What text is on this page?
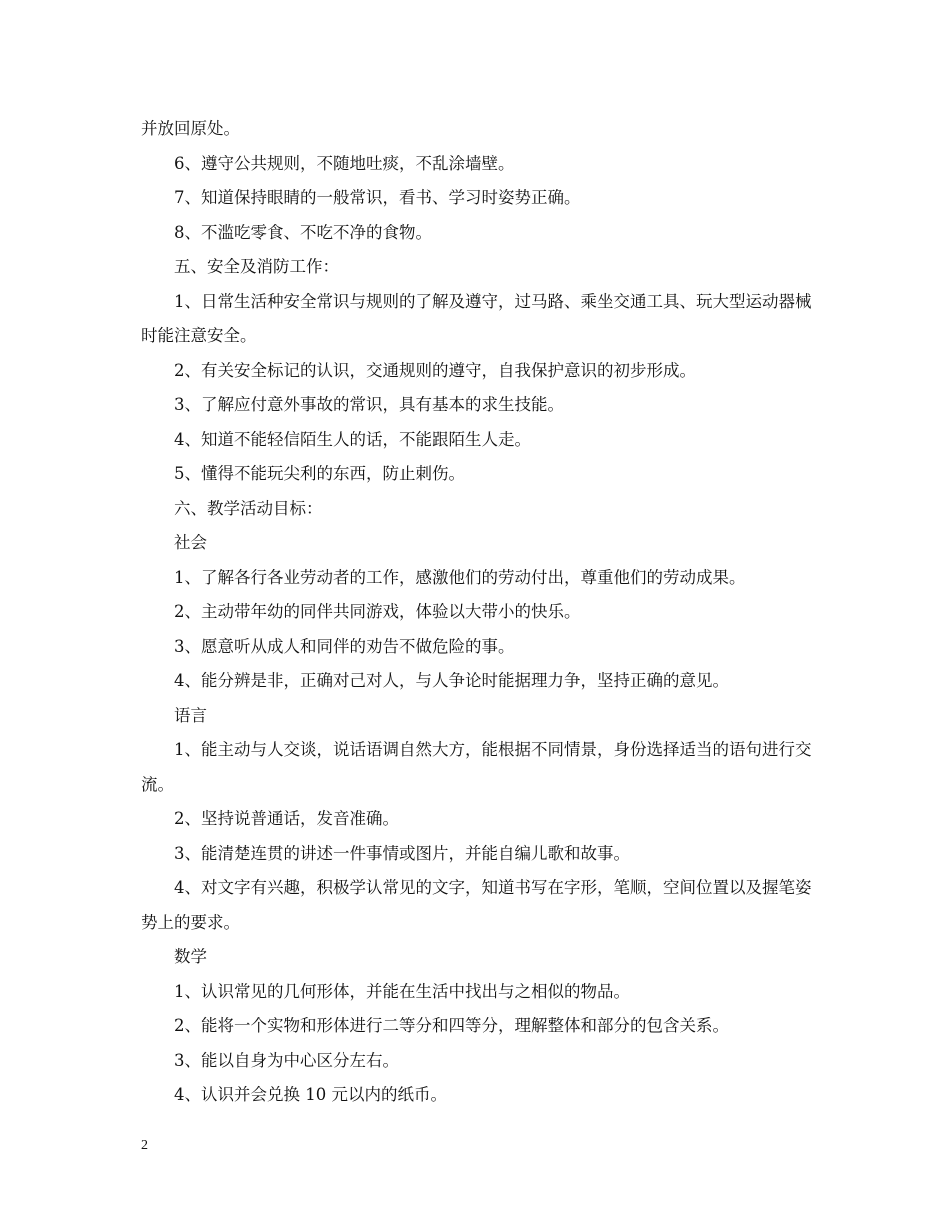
并放回原处。

6、遵守公共规则，不随地吐痰，不乱涂墙壁。

7、知道保持眼睛的一般常识，看书、学习时姿势正确。

8、不滥吃零食、不吃不净的食物。

五、安全及消防工作：

1、日常生活种安全常识与规则的了解及遵守，过马路、乘坐交通工具、玩大型运动器械时能注意安全。

2、有关安全标记的认识，交通规则的遵守，自我保护意识的初步形成。

3、了解应付意外事故的常识，具有基本的求生技能。

4、知道不能轻信陌生人的话，不能跟陌生人走。

5、懂得不能玩尖利的东西，防止刺伤。

六、教学活动目标：

社会

1、了解各行各业劳动者的工作，感激他们的劳动付出，尊重他们的劳动成果。

2、主动带年幼的同伴共同游戏，体验以大带小的快乐。

3、愿意听从成人和同伴的劝告不做危险的事。

4、能分辨是非，正确对己对人，与人争论时能据理力争，坚持正确的意见。

语言

1、能主动与人交谈，说话语调自然大方，能根据不同情景，身份选择适当的语句进行交流。

2、坚持说普通话，发音准确。

3、能清楚连贯的讲述一件事情或图片，并能自编儿歌和故事。

4、对文字有兴趣，积极学认常见的文字，知道书写在字形，笔顺，空间位置以及握笔姿势上的要求。

数学

1、认识常见的几何形体，并能在生活中找出与之相似的物品。

2、能将一个实物和形体进行二等分和四等分，理解整体和部分的包含关系。

3、能以自身为中心区分左右。

4、认识并会兑换 10 元以内的纸币。

2
